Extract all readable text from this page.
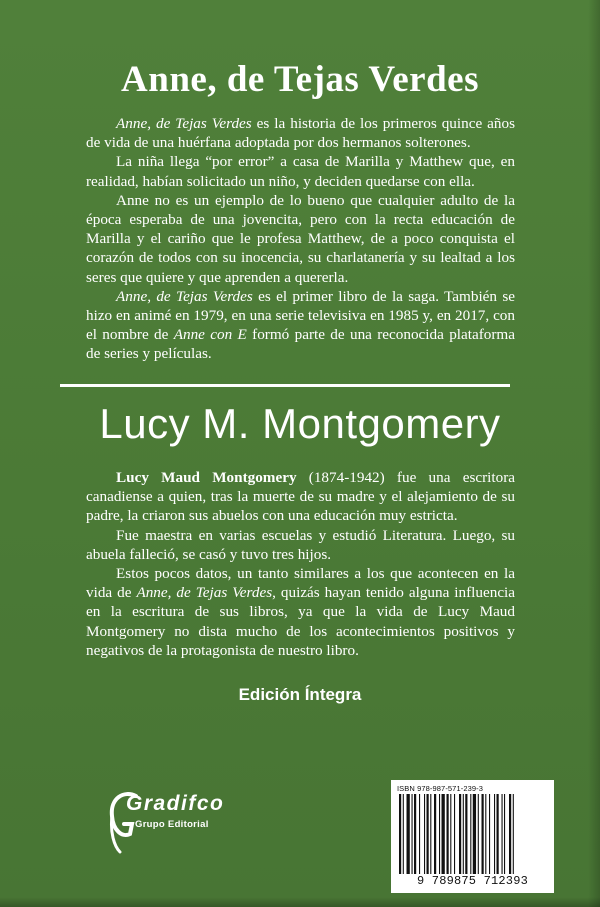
Anne, de Tejas Verdes

Anne, de Tejas Verdes es la historia de los primeros quince años de vida de una huérfana adoptada por dos hermanos solterones.

La niña llega “por error” a casa de Marilla y Matthew que, en realidad, habían solicitado un niño, y deciden quedarse con ella.

Anne no es un ejemplo de lo bueno que cualquier adulto de la época esperaba de una jovencita, pero con la recta educación de Marilla y el cariño que le profesa Matthew, de a poco conquista el corazón de todos con su inocencia, su charlatanería y su lealtad a los seres que quiere y que aprenden a quererla.

Anne, de Tejas Verdes es el primer libro de la saga. También se hizo en animé en 1979, en una serie televisiva en 1985 y, en 2017, con el nombre de Anne con E formó parte de una reconocida plataforma de series y películas.

Lucy M. Montgomery

Lucy Maud Montgomery (1874-1942) fue una escritora canadiense a quien, tras la muerte de su madre y el alejamiento de su padre, la criaron sus abuelos con una educación muy estricta.

Fue maestra en varias escuelas y estudió Literatura. Luego, su abuela falleció, se casó y tuvo tres hijos.

Estos pocos datos, un tanto similares a los que acontecen en la vida de Anne, de Tejas Verdes, quizás hayan tenido alguna influencia en la escritura de sus libros, ya que la vida de Lucy Maud Montgomery no dista mucho de los acontecimientos positivos y negativos de la protagonista de nuestro libro.

Edición Íntegra
Gradifco
Grupo Editorial
ISBN 978-987-571-239-3
9 789875 712393
